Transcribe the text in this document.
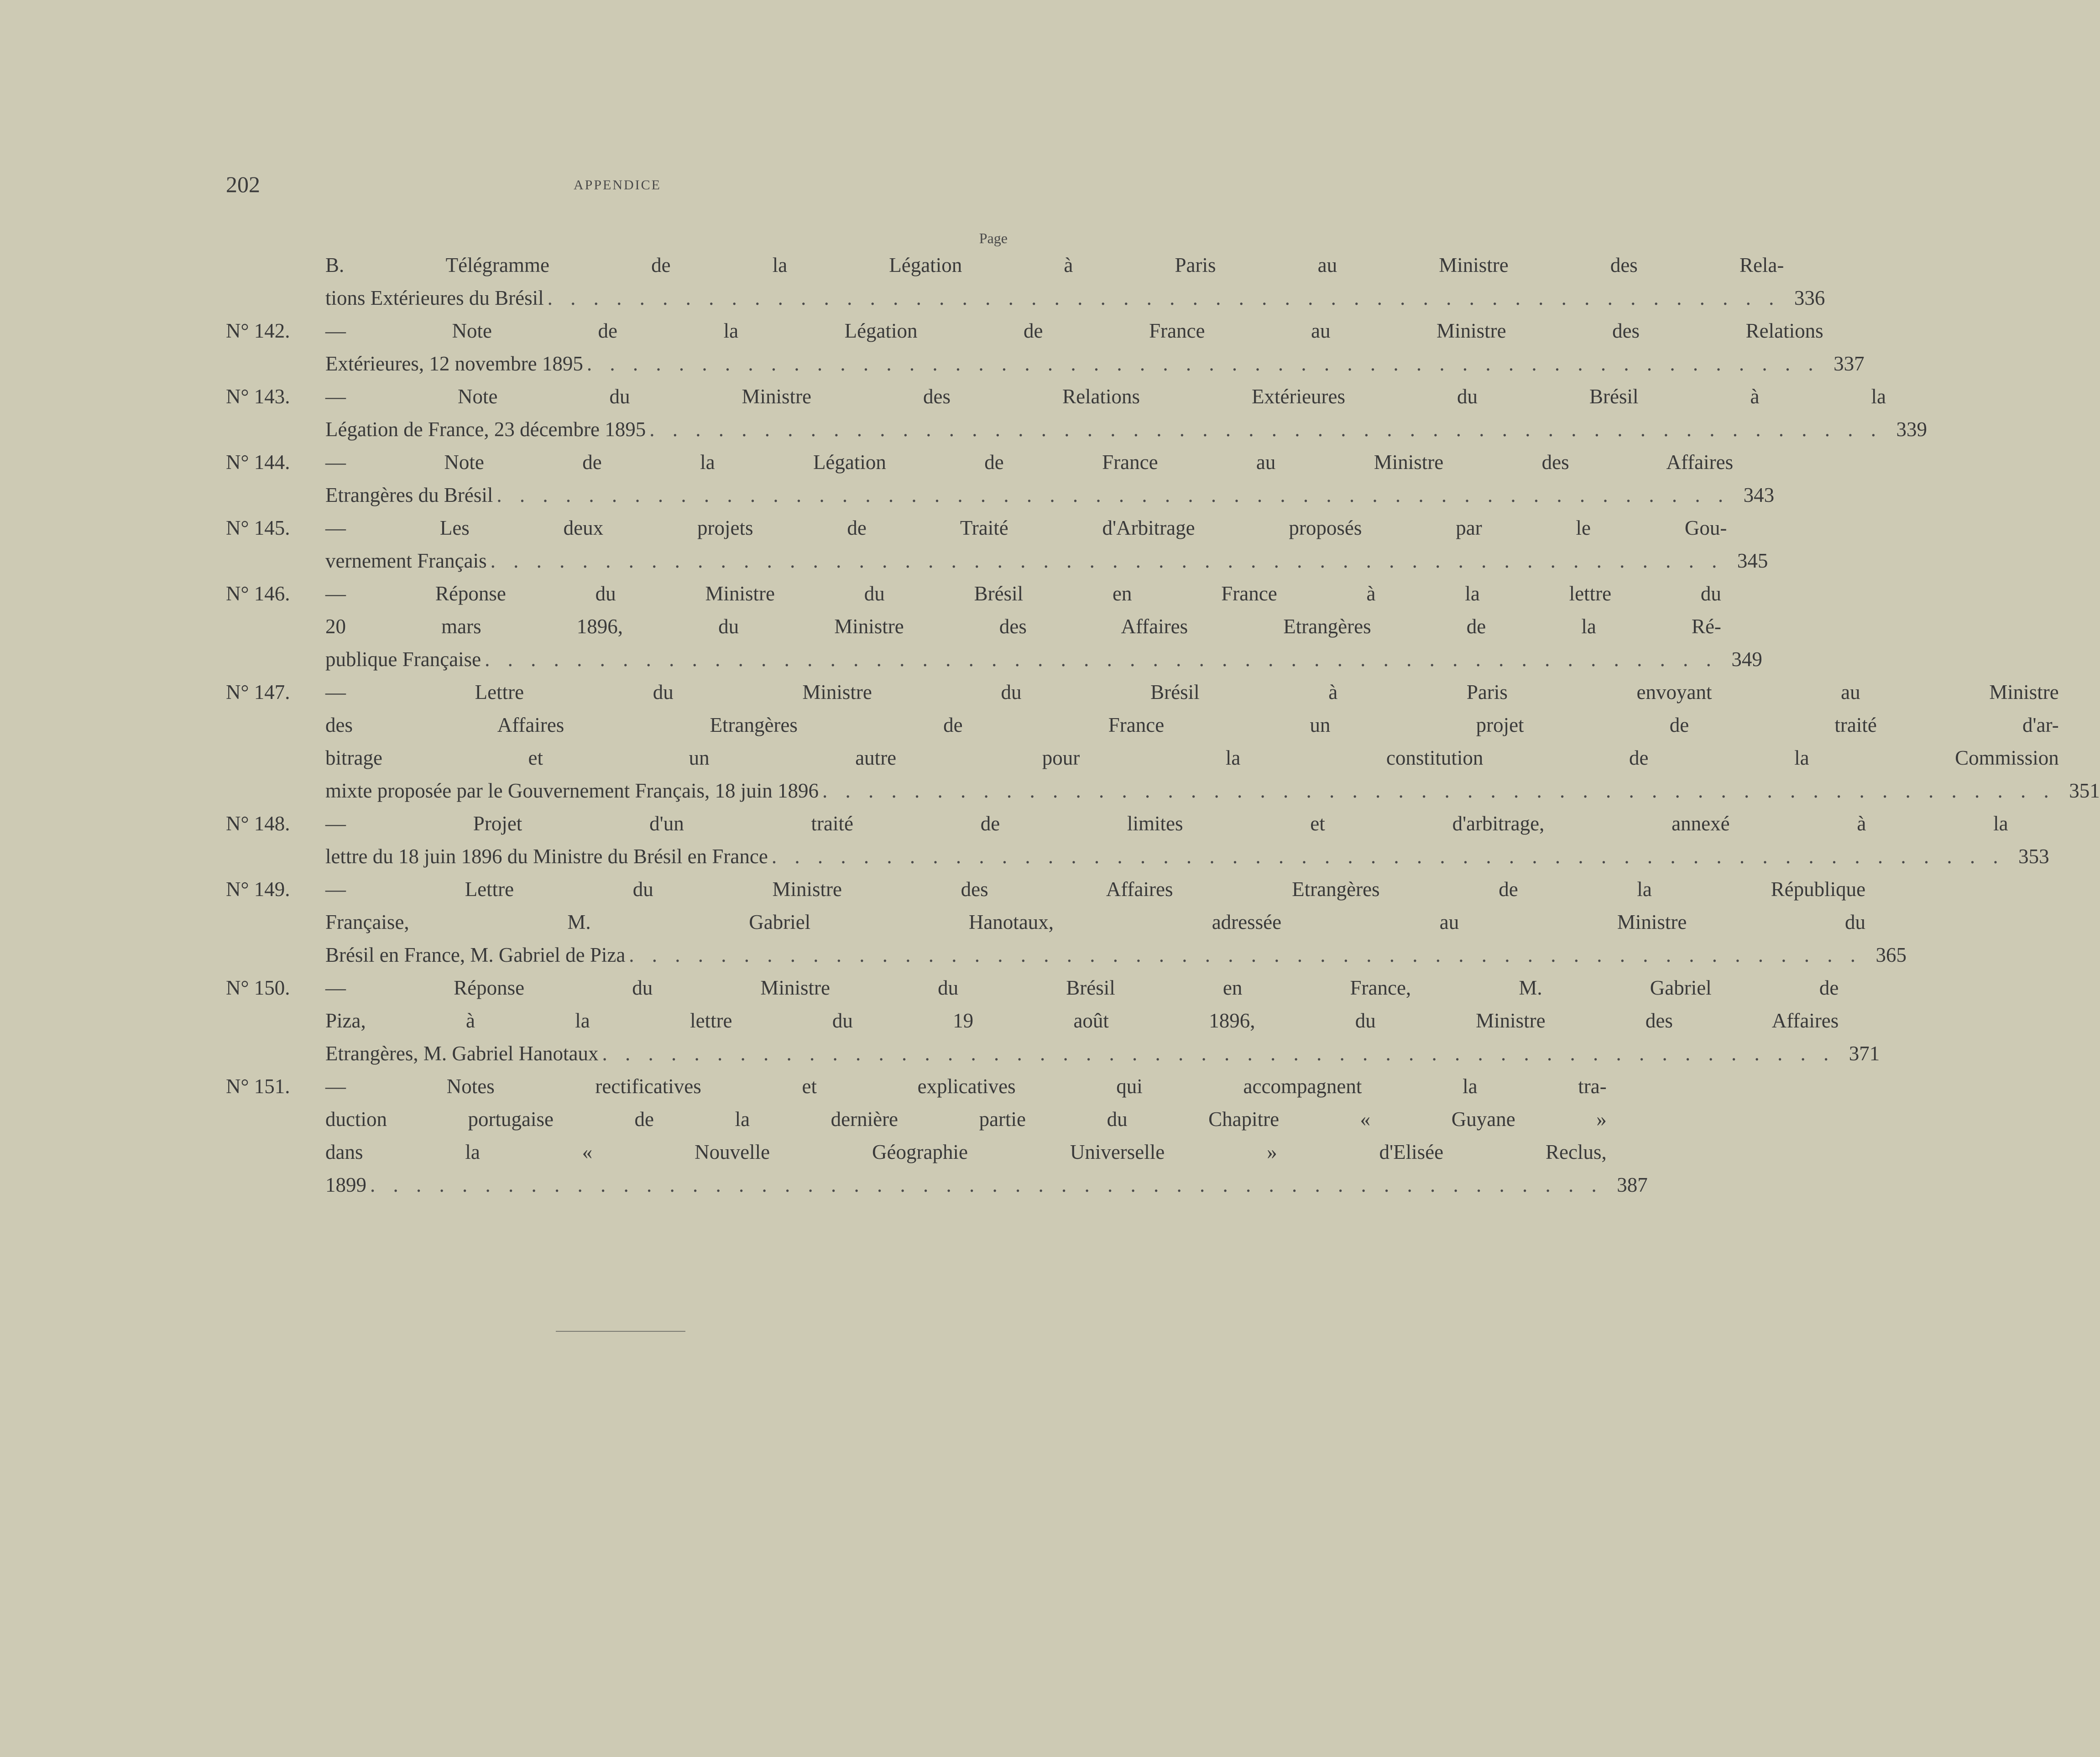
202	APPENDICE
Page
B. Télégramme de la Légation à Paris au Ministre des Rela-
tions Extérieures du Brésil . . . . . . . . . . . . . . . . . . . . . . . . . . . . . . . . . . . . . . . . . . . . . . . . . . . . . . 336
N° 142.	— Note de la Légation de France au Ministre des Relations
Extérieures, 12 novembre 1895 . . . . . . . . . . . . . . . . . . . . . . . . . . . . . . . . . . . . . . . . . . . . . . . . . . . . . . 337
N° 143.	— Note du Ministre des Relations Extérieures du Brésil à la
Légation de France, 23 décembre 1895 . . . . . . . . . . . . . . . . . . . . . . . . . . . . . . . . . . . . . . . . . . . . . . . . . . . . . . 339
N° 144.	— Note de la Légation de France au Ministre des Affaires
Etrangères du Brésil . . . . . . . . . . . . . . . . . . . . . . . . . . . . . . . . . . . . . . . . . . . . . . . . . . . . . . 343
N° 145.	— Les deux projets de Traité d'Arbitrage proposés par le Gou-
vernement Français . . . . . . . . . . . . . . . . . . . . . . . . . . . . . . . . . . . . . . . . . . . . . . . . . . . . . . 345
N° 146.	— Réponse du Ministre du Brésil en France à la lettre du
20 mars 1896, du Ministre des Affaires Etrangères de la Ré-
publique Française . . . . . . . . . . . . . . . . . . . . . . . . . . . . . . . . . . . . . . . . . . . . . . . . . . . . . . 349
N° 147.	— Lettre du Ministre du Brésil à Paris envoyant au Ministre
des Affaires Etrangères de France un projet de traité d'ar-
bitrage et un autre pour la constitution de la Commission
mixte proposée par le Gouvernement Français, 18 juin 1896 . . . . . . . . . . . . . . . . . . . . . . . . . . . . . . . . . . . . . . . . . . . . . . . . . . . . . . 351
N° 148.	— Projet d'un traité de limites et d'arbitrage, annexé à la
lettre du 18 juin 1896 du Ministre du Brésil en France . . . . . . . . . . . . . . . . . . . . . . . . . . . . . . . . . . . . . . . . . . . . . . . . . . . . . . 353
N° 149.	— Lettre du Ministre des Affaires Etrangères de la République
Française, M. Gabriel Hanotaux, adressée au Ministre du
Brésil en France, M. Gabriel de Piza . . . . . . . . . . . . . . . . . . . . . . . . . . . . . . . . . . . . . . . . . . . . . . . . . . . . . . 365
N° 150.	— Réponse du Ministre du Brésil en France, M. Gabriel de
Piza, à la lettre du 19 août 1896, du Ministre des Affaires
Etrangères, M. Gabriel Hanotaux . . . . . . . . . . . . . . . . . . . . . . . . . . . . . . . . . . . . . . . . . . . . . . . . . . . . . . 371
N° 151.	— Notes rectificatives et explicatives qui accompagnent la tra-
duction portugaise de la dernière partie du Chapitre « Guyane »
dans la « Nouvelle Géographie Universelle » d'Elisée Reclus,
1899 . . . . . . . . . . . . . . . . . . . . . . . . . . . . . . . . . . . . . . . . . . . . . . . . . . . . . . 387
